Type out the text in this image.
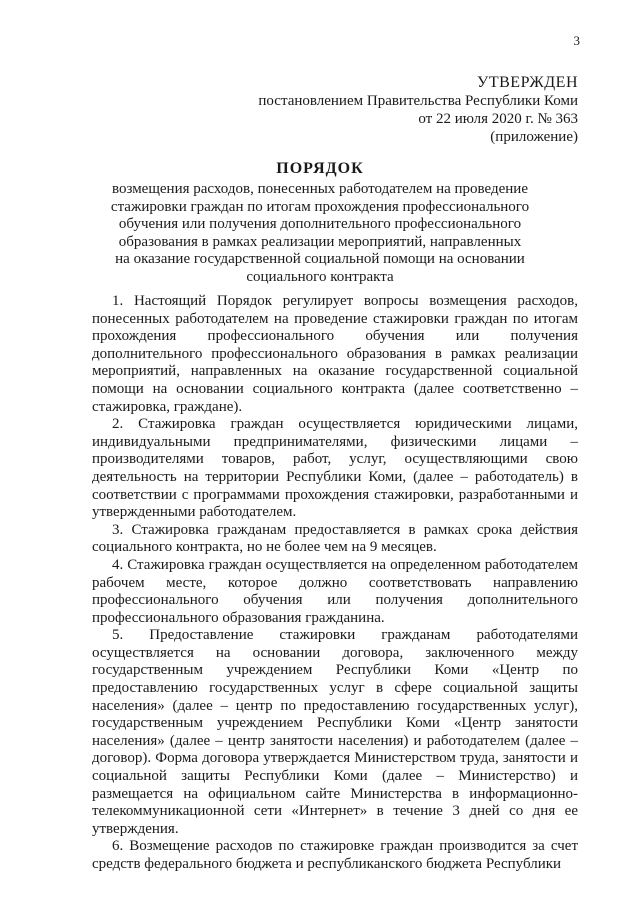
3
УТВЕРЖДЕН
постановлением Правительства Республики Коми
от 22 июля 2020 г. № 363
(приложение)
ПОРЯДОК
возмещения расходов, понесенных работодателем на проведение
стажировки граждан по итогам прохождения профессионального
обучения или получения дополнительного профессионального
образования в рамках реализации мероприятий, направленных
на оказание государственной социальной помощи на основании
социального контракта

1. Настоящий Порядок регулирует вопросы возмещения расходов, понесенных работодателем на проведение стажировки граждан по итогам прохождения профессионального обучения или получения дополнительного профессионального образования в рамках реализации мероприятий, направленных на оказание государственной социальной помощи на основании социального контракта (далее соответственно – стажировка, граждане).

2. Стажировка граждан осуществляется юридическими лицами, индивидуальными предпринимателями, физическими лицами – производителями товаров, работ, услуг, осуществляющими свою деятельность на территории Республики Коми, (далее – работодатель) в соответствии с программами прохождения стажировки, разработанными и утвержденными работодателем.

3. Стажировка гражданам предоставляется в рамках срока действия социального контракта, но не более чем на 9 месяцев.

4. Стажировка граждан осуществляется на определенном работодателем рабочем месте, которое должно соответствовать направлению профессионального обучения или получения дополнительного профессионального образования гражданина.

5. Предоставление стажировки гражданам работодателями осуществляется на основании договора, заключенного между государственным учреждением Республики Коми «Центр по предоставлению государственных услуг в сфере социальной защиты населения» (далее – центр по предоставлению государственных услуг), государственным учреждением Республики Коми «Центр занятости населения» (далее – центр занятости населения) и работодателем (далее – договор). Форма договора утверждается Министерством труда, занятости и социальной защиты Республики Коми (далее – Министерство) и размещается на официальном сайте Министерства в информационно-телекоммуникационной сети «Интернет» в течение 3 дней со дня ее утверждения.

6. Возмещение расходов по стажировке граждан производится за счет средств федерального бюджета и республиканского бюджета Республики
